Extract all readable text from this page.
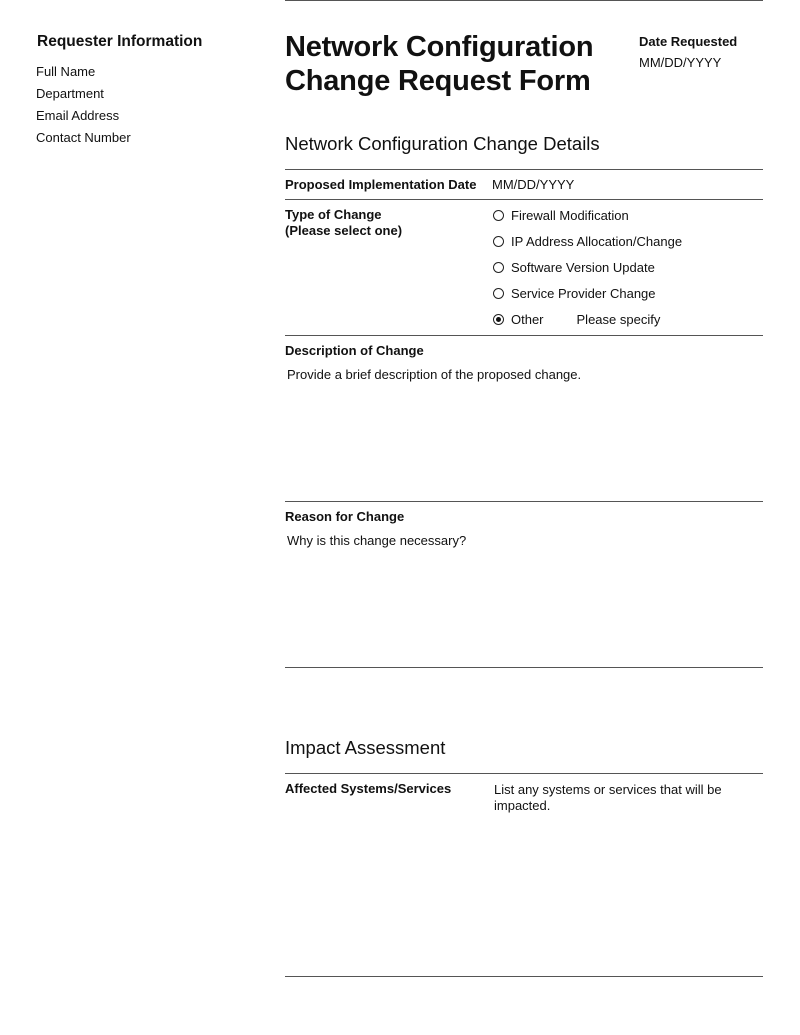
Requester Information
Full Name
Department
Email Address
Contact Number
Network Configuration
Change Request Form
Date Requested
MM/DD/YYYY
Network Configuration Change Details
Proposed Implementation Date MM/DD/YYYY
Type of Change
(Please select one)
Firewall Modification
IP Address Allocation/Change
Software Version Update
Service Provider Change
Other	Please specify
Description of Change
Provide a brief description of the proposed change.
Reason for Change
Why is this change necessary?
Impact Assessment
Affected Systems/Services	List any systems or services that will be
impacted.
